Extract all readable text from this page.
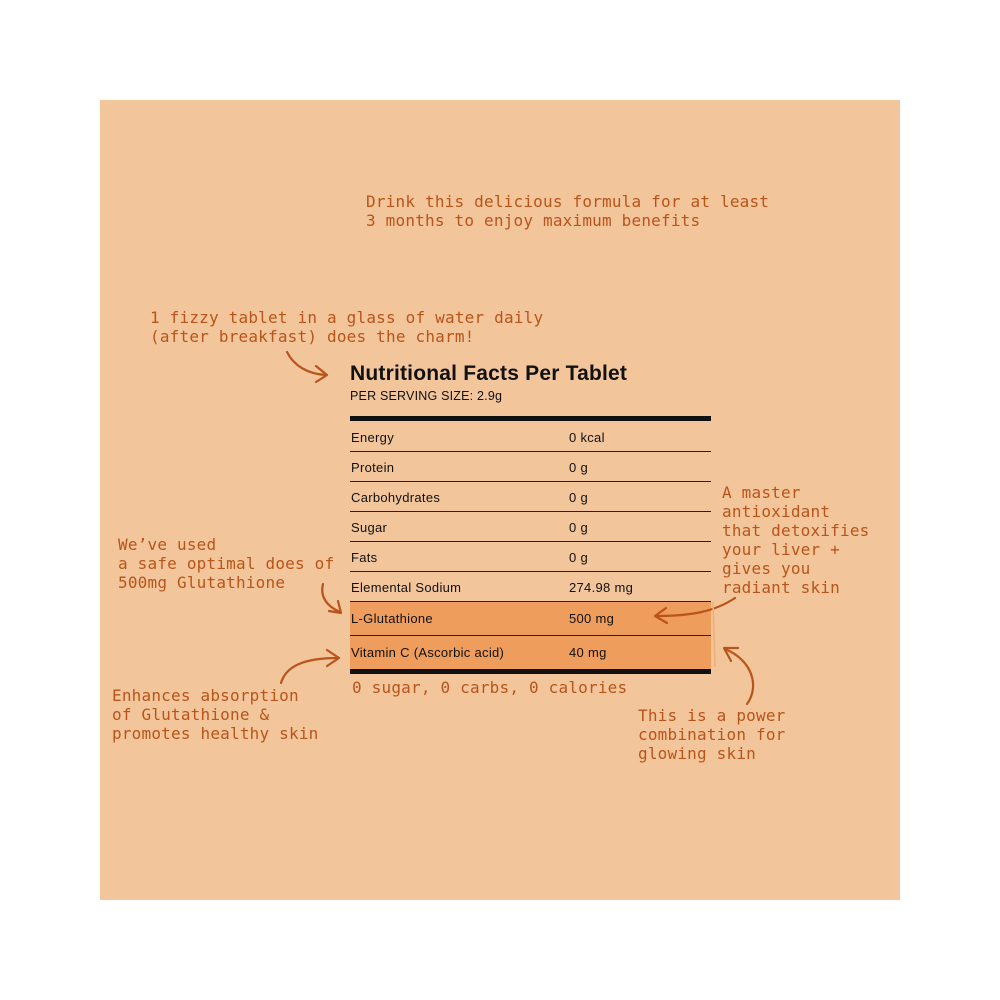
Drink this delicious formula for at least
3 months to enjoy maximum benefits
1 fizzy tablet in a glass of water daily
(after breakfast) does the charm!
We’ve used
a safe optimal does of
500mg Glutathione
A master
antioxidant
that detoxifies
your liver +
gives you
radiant skin
Enhances absorption
of Glutathione &
promotes healthy skin
This is a power
combination for
glowing skin
0 sugar, 0 carbs, 0 calories
Nutritional Facts Per Tablet
PER SERVING SIZE: 2.9g
Energy	0 kcal
Protein	0 g
Carbohydrates	0 g
Sugar	0 g
Fats	0 g
Elemental Sodium	274.98 mg
L-Glutathione	500 mg
Vitamin C (Ascorbic acid)	40 mg
